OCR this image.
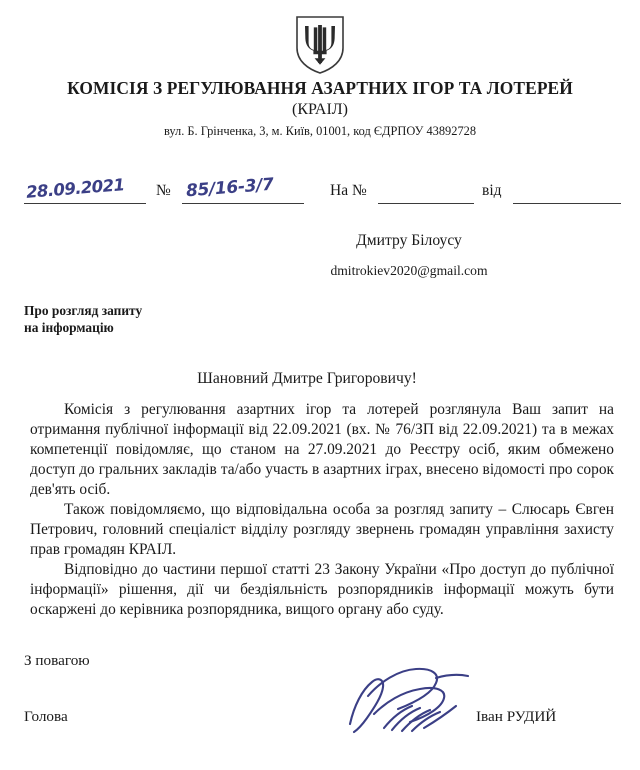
КОМІСІЯ З РЕГУЛЮВАННЯ АЗАРТНИХ ІГОР ТА ЛОТЕРЕЙ
(КРАІЛ)
вул. Б. Грінченка, 3, м. Київ, 01001, код ЄДРПОУ 43892728
28.09.2021 № 85/16-3/7	На №	від
Дмитру Білоусу
dmitrokiev2020@gmail.com
Про розгляд запиту
на інформацію
Шановний Дмитре Григоровичу!

Комісія з регулювання азартних ігор та лотерей розглянула Ваш запит на отримання публічної інформації від 22.09.2021 (вх. № 76/ЗП від 22.09.2021) та в межах компетенції повідомляє, що станом на 27.09.2021 до Реєстру осіб, яким обмежено доступ до гральних закладів та/або участь в азартних іграх, внесено відомості про сорок дев'ять осіб.

Також повідомляємо, що відповідальна особа за розгляд запиту – Слюсарь Євген Петрович, головний спеціаліст відділу розгляду звернень громадян управління захисту прав громадян КРАІЛ.

Відповідно до частини першої статті 23 Закону України «Про доступ до публічної інформації» рішення, дії чи бездіяльність розпорядників інформації можуть бути оскаржені до керівника розпорядника, вищого органу або суду.

З повагою

Голова	Іван РУДИЙ
